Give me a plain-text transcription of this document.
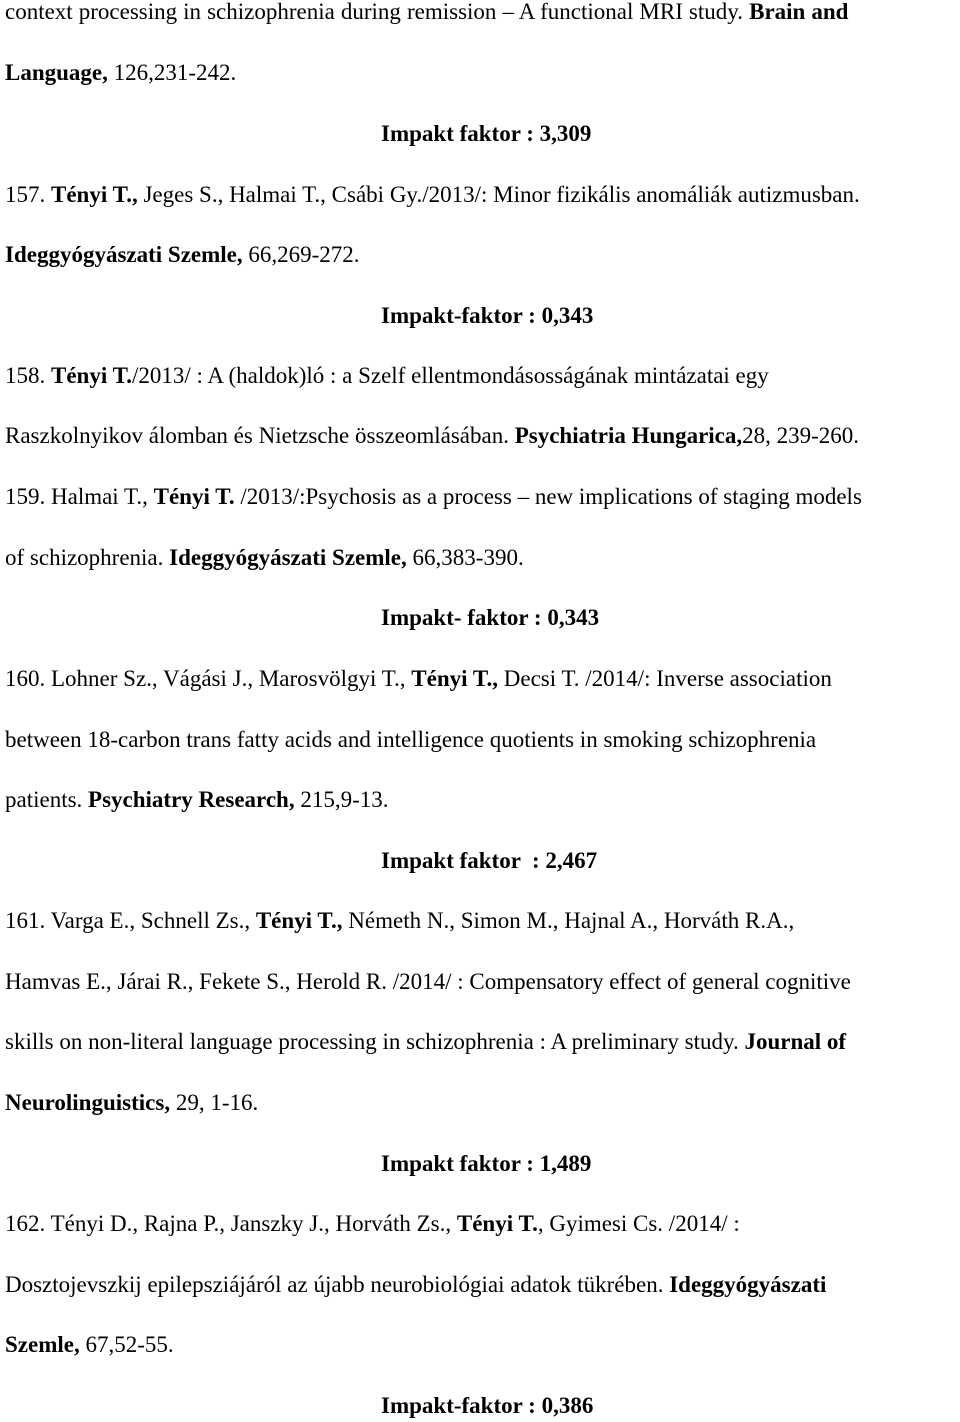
context processing in schizophrenia during remission – A functional MRI study. Brain and
Language, 126,231-242.
Impakt faktor : 3,309
157. Tényi T., Jeges S., Halmai T., Csábi Gy./2013/: Minor fizikális anomáliák autizmusban.
Ideggyógyászati Szemle, 66,269-272.
Impakt-faktor : 0,343
158. Tényi T./2013/ : A (haldok)ló : a Szelf ellentmondásosságának mintázatai egy
Raszkolnyikov álomban és Nietzsche összeomlásában. Psychiatria Hungarica,28, 239-260.
159. Halmai T., Tényi T. /2013/:Psychosis as a process – new implications of staging models
of schizophrenia. Ideggyógyászati Szemle, 66,383-390.
Impakt- faktor : 0,343
160. Lohner Sz., Vágási J., Marosvölgyi T., Tényi T., Decsi T. /2014/: Inverse association
between 18-carbon trans fatty acids and intelligence quotients in smoking schizophrenia
patients. Psychiatry Research, 215,9-13.
Impakt faktor  : 2,467
161. Varga E., Schnell Zs., Tényi T., Németh N., Simon M., Hajnal A., Horváth R.A.,
Hamvas E., Járai R., Fekete S., Herold R. /2014/ : Compensatory effect of general cognitive
skills on non-literal language processing in schizophrenia : A preliminary study. Journal of
Neurolinguistics, 29, 1-16.
Impakt faktor : 1,489
162. Tényi D., Rajna P., Janszky J., Horváth Zs., Tényi T., Gyimesi Cs. /2014/ :
Dosztojevszkij epilepsziájáról az újabb neurobiológiai adatok tükrében. Ideggyógyászati
Szemle, 67,52-55.
Impakt-faktor : 0,386
